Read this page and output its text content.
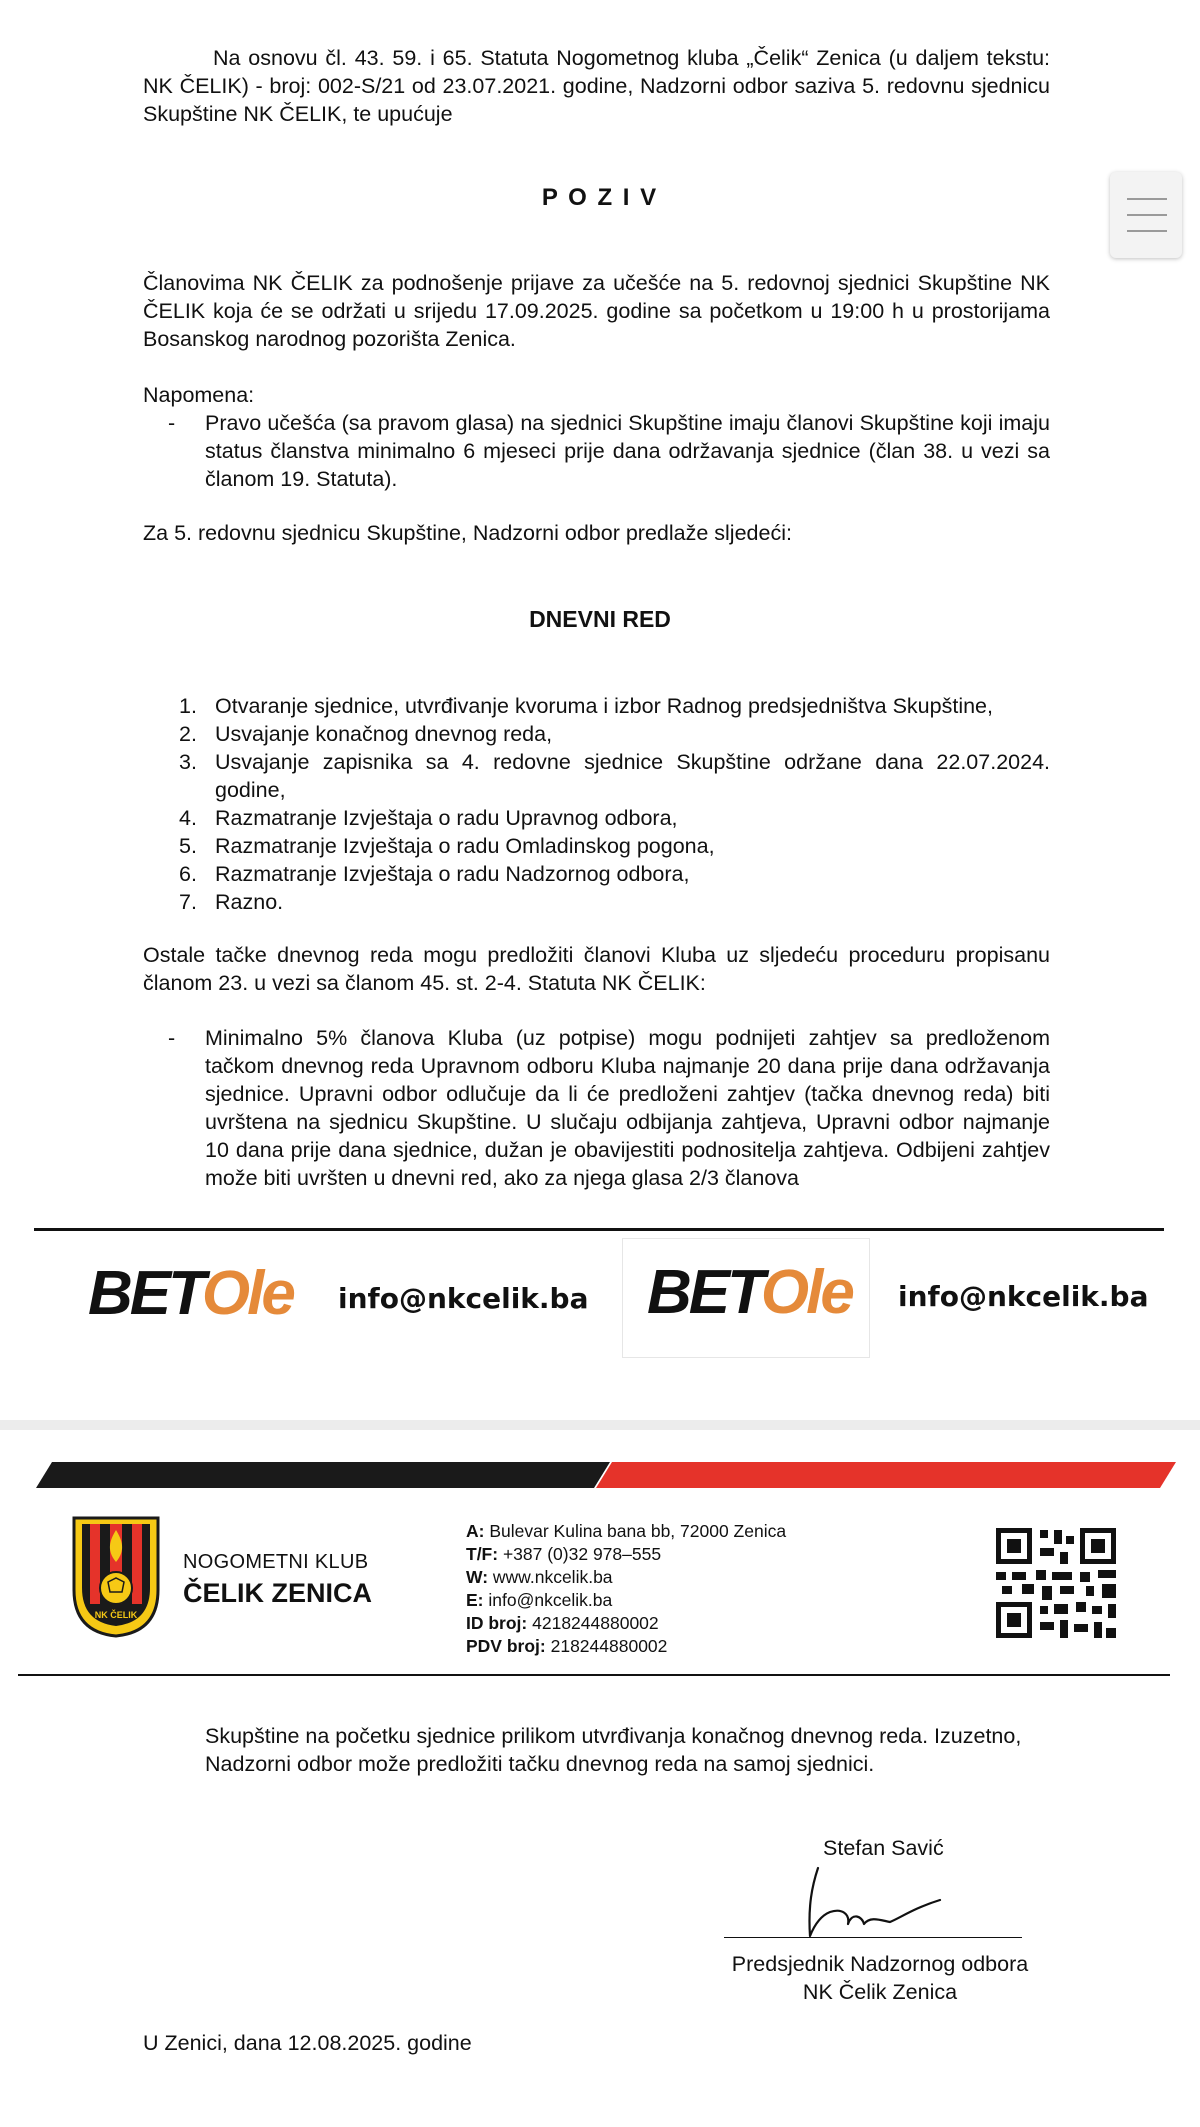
Na osnovu čl. 43. 59. i 65. Statuta Nogometnog kluba „Čelik“ Zenica (u daljem tekstu: NK ČELIK) - broj: 002-S/21 od 23.07.2021. godine, Nadzorni odbor saziva 5. redovnu sjednicu Skupštine NK ČELIK, te upućuje
P O Z I V
Članovima NK ČELIK za podnošenje prijave za učešće na 5. redovnoj sjednici Skupštine NK ČELIK koja će se održati u srijedu 17.09.2025. godine sa početkom u 19:00 h u prostorijama Bosanskog narodnog pozorišta Zenica.
Napomena:
- Pravo učešća (sa pravom glasa) na sjednici Skupštine imaju članovi Skupštine koji imaju status članstva minimalno 6 mjeseci prije dana održavanja sjednice (član 38. u vezi sa članom 19. Statuta).
Za 5. redovnu sjednicu Skupštine, Nadzorni odbor predlaže sljedeći:
DNEVNI RED
1. Otvaranje sjednice, utvrđivanje kvoruma i izbor Radnog predsjedništva Skupštine,
2. Usvajanje konačnog dnevnog reda,
3. Usvajanje zapisnika sa 4. redovne sjednice Skupštine održane dana 22.07.2024. godine,
4. Razmatranje Izvještaja o radu Upravnog odbora,
5. Razmatranje Izvještaja o radu Omladinskog pogona,
6. Razmatranje Izvještaja o radu Nadzornog odbora,
7. Razno.
Ostale tačke dnevnog reda mogu predložiti članovi Kluba uz sljedeću proceduru propisanu članom 23. u vezi sa članom 45. st. 2-4. Statuta NK ČELIK:
- Minimalno 5% članova Kluba (uz potpise) mogu podnijeti zahtjev sa predloženom tačkom dnevnog reda Upravnom odboru Kluba najmanje 20 dana prije dana održavanja sjednice. Upravni odbor odlučuje da li će predloženi zahtjev (tačka dnevnog reda) biti uvrštena na sjednicu Skupštine. U slučaju odbijanja zahtjeva, Upravni odbor najmanje 10 dana prije dana sjednice, dužan je obavijestiti podnositelja zahtjeva. Odbijeni zahtjev može biti uvršten u dnevni red, ako za njega glasa 2/3 članova
BETOle info@nkcelik.ba BETOle info@nkcelik.ba
NK ČELIK
NOGOMETNI KLUB
ČELIK ZENICA
A: Bulevar Kulina bana bb, 72000 Zenica
T/F: +387 (0)32 978–555
W: www.nkcelik.ba
E: info@nkcelik.ba
ID broj: 4218244880002
PDV broj: 218244880002
Skupštine na početku sjednice prilikom utvrđivanja konačnog dnevnog reda. Izuzetno, Nadzorni odbor može predložiti tačku dnevnog reda na samoj sjednici.
Stefan Savić
Predsjednik Nadzornog odbora
NK Čelik Zenica
U Zenici, dana 12.08.2025. godine
